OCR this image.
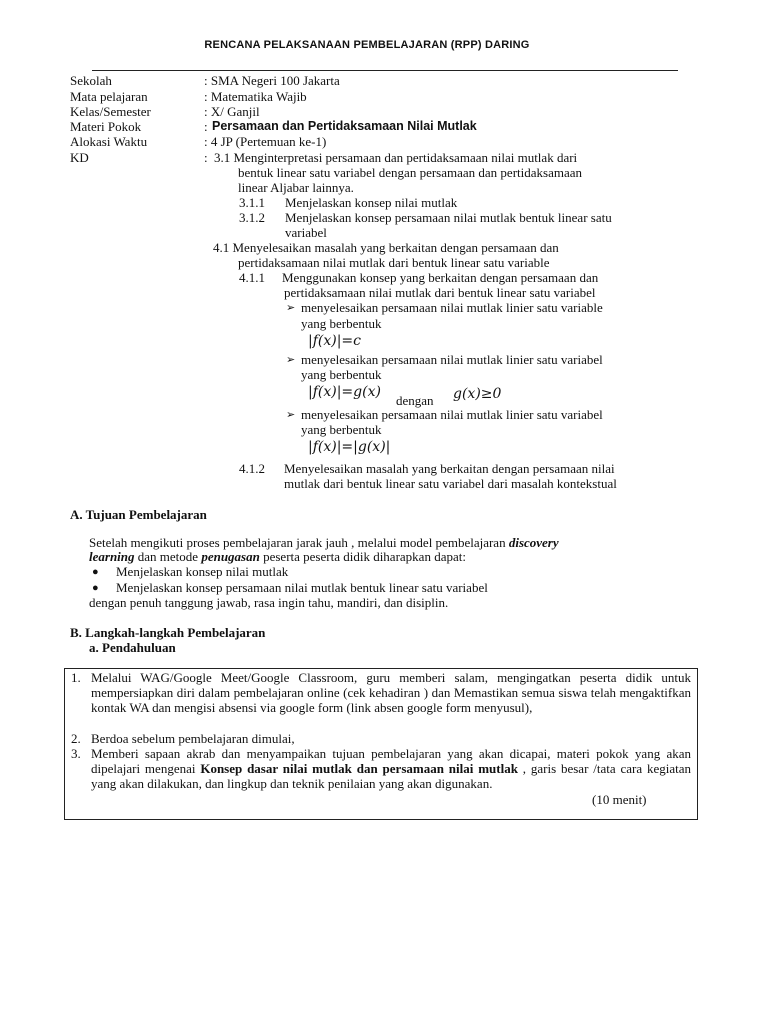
RENCANA PELAKSANAAN PEMBELAJARAN (RPP) DARING
Sekolah	: SMA Negeri 100 Jakarta
Mata pelajaran	: Matematika Wajib
Kelas/Semester	: X/ Ganjil
Materi Pokok	: Persamaan dan Pertidaksamaan Nilai Mutlak
Alokasi Waktu	: 4 JP (Pertemuan ke-1)
KD	: 3.1 Menginterpretasi persamaan dan pertidaksamaan nilai mutlak dari
bentuk linear satu variabel dengan persamaan dan pertidaksamaan
linear Aljabar lainnya.
3.1.1 Menjelaskan konsep nilai mutlak
3.1.2 Menjelaskan konsep persamaan nilai mutlak bentuk linear satu
variabel
4.1 Menyelesaikan masalah yang berkaitan dengan persamaan dan
pertidaksamaan nilai mutlak dari bentuk linear satu variable
4.1.1 Menggunakan konsep yang berkaitan dengan persamaan dan
pertidaksamaan nilai mutlak dari bentuk linear satu variabel
➢ menyelesaikan persamaan nilai mutlak linier satu variable
yang berbentuk
|f(x)|=c
➢ menyelesaikan persamaan nilai mutlak linier satu variabel
yang berbentuk
|f(x)|=g(x)
dengan g(x)≥0
➢ menyelesaikan persamaan nilai mutlak linier satu variabel
yang berbentuk
|f(x)|=|g(x)|
4.1.2 Menyelesaikan masalah yang berkaitan dengan persamaan nilai
mutlak dari bentuk linear satu variabel dari masalah kontekstual
A. Tujuan Pembelajaran
Setelah mengikuti proses pembelajaran jarak jauh , melalui model pembelajaran discovery
learning dan metode penugasan peserta peserta didik diharapkan dapat:
● Menjelaskan konsep nilai mutlak
● Menjelaskan konsep persamaan nilai mutlak bentuk linear satu variabel
dengan penuh tanggung jawab, rasa ingin tahu, mandiri, dan disiplin.
B. Langkah-langkah Pembelajaran
a. Pendahuluan
1. Melalui WAG/Google Meet/Google Classroom, guru memberi salam, mengingatkan peserta didik untuk mempersiapkan diri dalam pembelajaran online (cek kehadiran ) dan Memastikan semua siswa telah mengaktifkan kontak WA dan mengisi absensi via google form (link absen google form menyusul),
2. Berdoa sebelum pembelajaran dimulai,
3. Memberi sapaan akrab dan menyampaikan tujuan pembelajaran yang akan dicapai, materi pokok yang akan dipelajari mengenai Konsep dasar nilai mutlak dan persamaan nilai mutlak , garis besar /tata cara kegiatan yang akan dilakukan, dan lingkup dan teknik penilaian yang akan digunakan.
(10 menit)
